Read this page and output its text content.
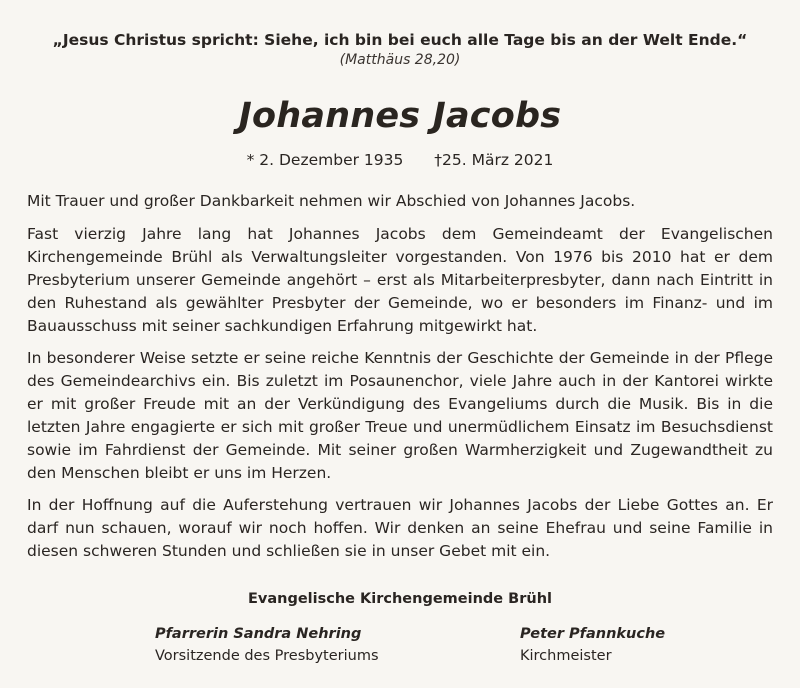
„Jesus Christus spricht: Siehe, ich bin bei euch alle Tage bis an der Welt Ende.“
(Matthäus 28,20)
Johannes Jacobs
* 2. Dezember 1935 †25. März 2021

Mit Trauer und großer Dankbarkeit nehmen wir Abschied von Johannes Jacobs.

Fast vierzig Jahre lang hat Johannes Jacobs dem Gemeindeamt der Evangelischen Kirchengemeinde Brühl als Verwaltungsleiter vorgestanden. Von 1976 bis 2010 hat er dem Presbyterium unserer Gemeinde angehört – erst als Mitarbeiterpresbyter, dann nach Eintritt in den Ruhestand als gewählter Presbyter der Gemeinde, wo er besonders im Finanz- und im Bauausschuss mit seiner sachkundigen Erfahrung mitgewirkt hat.

In besonderer Weise setzte er seine reiche Kenntnis der Geschichte der Gemeinde in der Pflege des Gemeindearchivs ein. Bis zuletzt im Posaunenchor, viele Jahre auch in der Kantorei wirkte er mit großer Freude mit an der Verkündigung des Evangeliums durch die Musik. Bis in die letzten Jahre engagierte er sich mit großer Treue und unermüdlichem Einsatz im Besuchsdienst sowie im Fahrdienst der Gemeinde. Mit seiner großen Warmherzigkeit und Zugewandtheit zu den Menschen bleibt er uns im Herzen.

In der Hoffnung auf die Auferstehung vertrauen wir Johannes Jacobs der Liebe Gottes an. Er darf nun schauen, worauf wir noch hoffen. Wir denken an seine Ehefrau und seine Familie in diesen schweren Stunden und schließen sie in unser Gebet mit ein.

Evangelische Kirchengemeinde Brühl
Pfarrerin Sandra Nehring
Vorsitzende des Presbyteriums
Peter Pfannkuche
Kirchmeister
